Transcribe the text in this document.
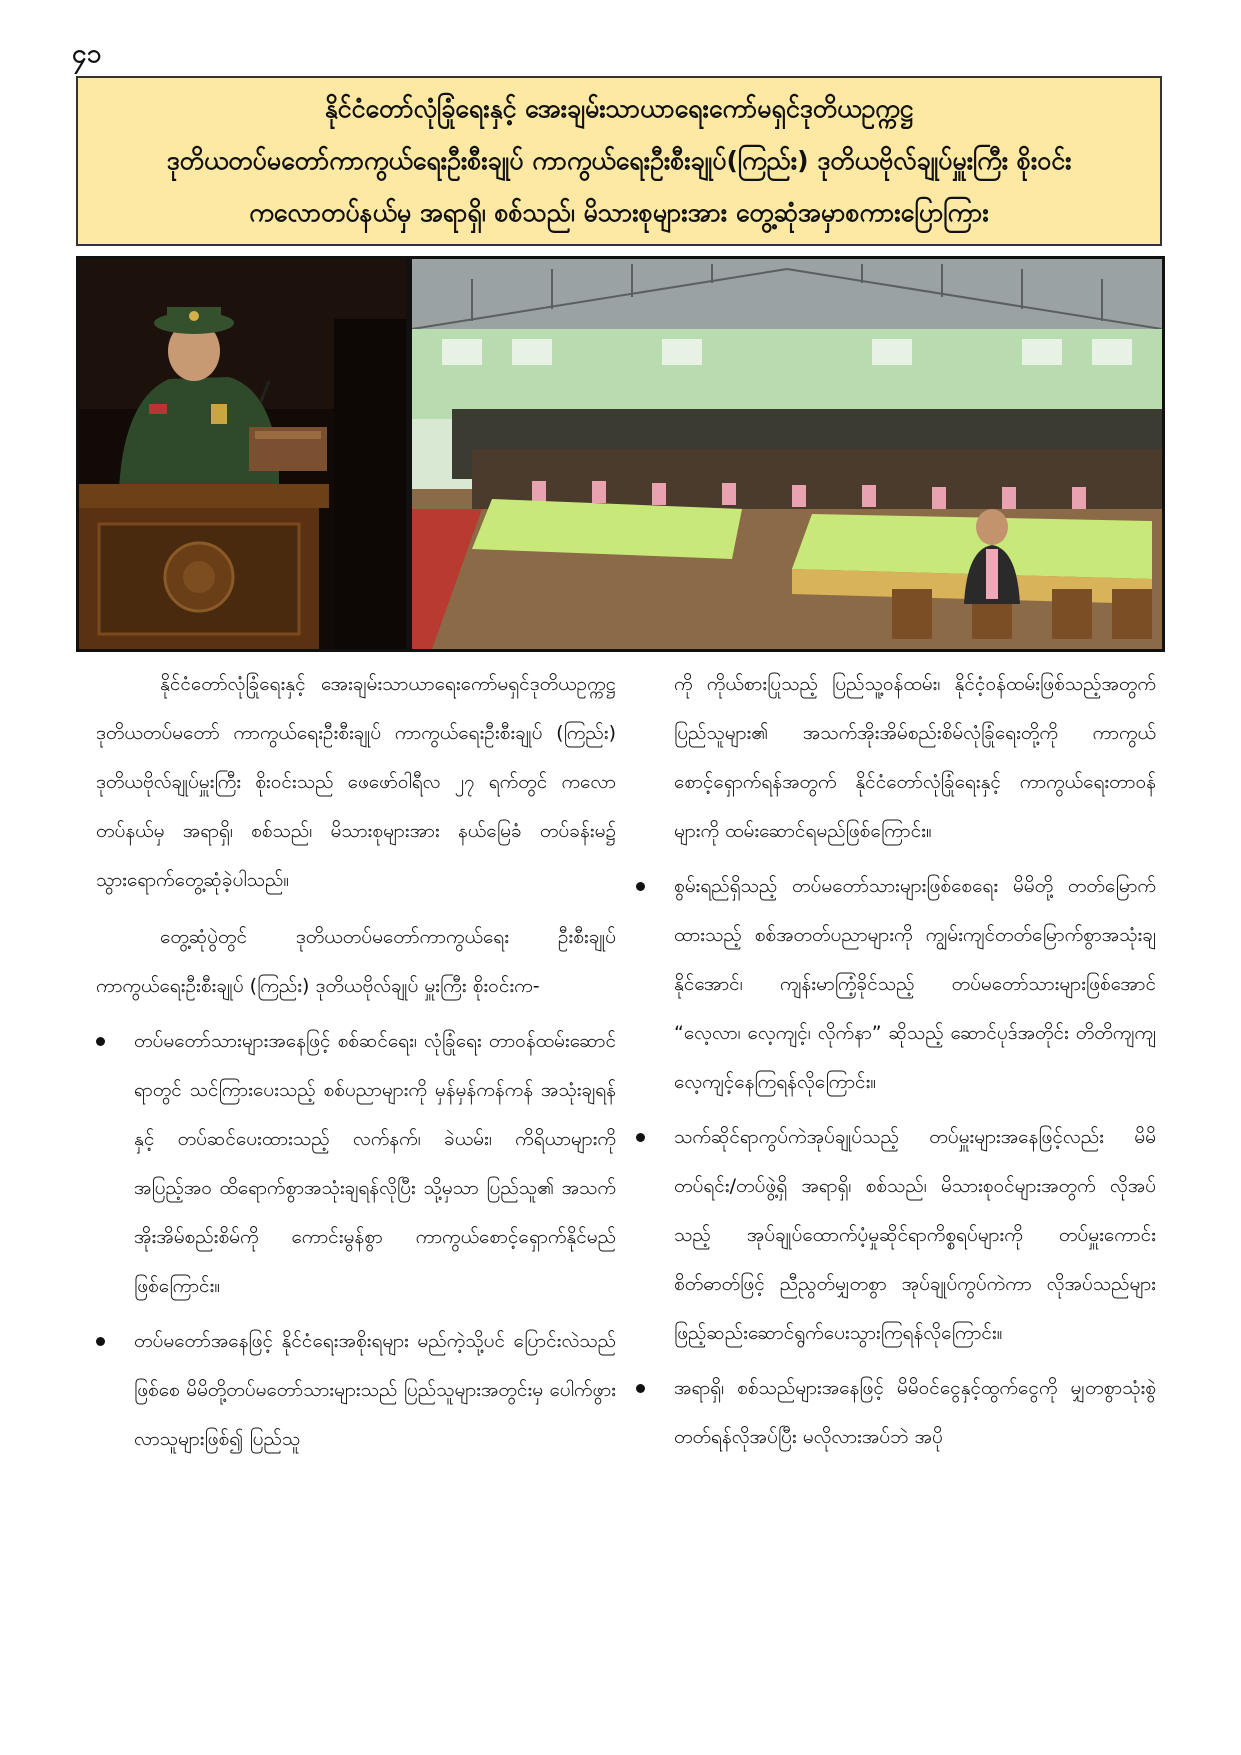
၄၁
နိုင်ငံတော်လုံခြုံရေးနှင့် အေးချမ်းသာယာရေးကော်မရှင်ဒုတိယဥက္ကဋ္ဌ
ဒုတိယတပ်မတော်ကာကွယ်ရေးဦးစီးချုပ် ကာကွယ်ရေးဦးစီးချုပ်(ကြည်း) ဒုတိယဗိုလ်ချုပ်မှူးကြီး စိုးဝင်း
ကလောတပ်နယ်မှ အရာရှိ၊ စစ်သည်၊ မိသားစုများအား တွေ့ဆုံအမှာစကားပြောကြား

နိုင်ငံတော်လုံခြုံရေးနှင့် အေးချမ်းသာယာရေးကော်မရှင်ဒုတိယဥက္ကဋ္ဌ ဒုတိယတပ်မတော် ကာကွယ်ရေးဦးစီးချုပ် ကာကွယ်ရေးဦးစီးချုပ် (ကြည်း) ဒုတိယဗိုလ်ချုပ်မှူးကြီး စိုးဝင်းသည် ဖေဖော်ဝါရီလ ၂၇ ရက်တွင် ကလောတပ်နယ်မှ အရာရှိ၊ စစ်သည်၊ မိသားစုများအား နယ်မြေခံ တပ်ခန်းမ၌ သွားရောက်တွေ့ဆုံခဲ့ပါသည်။

တွေ့ဆုံပွဲတွင် ဒုတိယတပ်မတော်ကာကွယ်ရေး ဦးစီးချုပ် ကာကွယ်ရေးဦးစီးချုပ် (ကြည်း) ဒုတိယဗိုလ်ချုပ် မှူးကြီး စိုးဝင်းက-

တပ်မတော်သားများအနေဖြင့် စစ်ဆင်ရေး၊ လုံခြုံရေး တာဝန်ထမ်းဆောင်ရာတွင် သင်ကြားပေးသည့် စစ်ပညာများကို မှန်မှန်ကန်ကန် အသုံးချရန်နှင့် တပ်ဆင်ပေးထားသည့် လက်နက်၊ ခဲယမ်း၊ ကိရိယာများကို အပြည့်အဝ ထိရောက်စွာအသုံးချရန်လိုပြီး သို့မှသာ ပြည်သူ၏ အသက်အိုးအိမ်စည်းစိမ်ကို ကောင်းမွန်စွာ ကာကွယ်စောင့်ရှောက်နိုင်မည်ဖြစ်ကြောင်း။
တပ်မတော်အနေဖြင့် နိုင်ငံရေးအစိုးရများ မည်ကဲ့သို့ပင် ပြောင်းလဲသည်ဖြစ်စေ မိမိတို့တပ်မတော်သားများသည် ပြည်သူများအတွင်းမှ ပေါက်ဖွားလာသူများဖြစ်၍ ပြည်သူ

ကို ကိုယ်စားပြုသည့် ပြည်သူ့ဝန်ထမ်း၊ နိုင်ငံ့ဝန်ထမ်းဖြစ်သည့်အတွက် ပြည်သူများ၏ အသက်အိုးအိမ်စည်းစိမ်လုံခြုံရေးတို့ကို ကာကွယ်စောင့်ရှောက်ရန်အတွက် နိုင်ငံတော်လုံခြုံရေးနှင့် ကာကွယ်ရေးတာဝန်များကို ထမ်းဆောင်ရမည်ဖြစ်ကြောင်း။

စွမ်းရည်ရှိသည့် တပ်မတော်သားများဖြစ်စေရေး မိမိတို့ တတ်မြောက်ထားသည့် စစ်အတတ်ပညာများကို ကျွမ်းကျင်တတ်မြောက်စွာအသုံးချနိုင်အောင်၊ ကျန်းမာကြံ့ခိုင်သည့် တပ်မတော်သားများဖြစ်အောင် “လေ့လာ၊ လေ့ကျင့်၊ လိုက်နာ” ဆိုသည့် ဆောင်ပုဒ်အတိုင်း တိတိကျကျ လေ့ကျင့်နေကြရန်လိုကြောင်း။
သက်ဆိုင်ရာကွပ်ကဲအုပ်ချုပ်သည့် တပ်မှူးများအနေဖြင့်လည်း မိမိတပ်ရင်း/တပ်ဖွဲ့ရှိ အရာရှိ၊ စစ်သည်၊ မိသားစုဝင်များအတွက် လိုအပ်သည့် အုပ်ချုပ်ထောက်ပံ့မှုဆိုင်ရာကိစ္စရပ်များကို တပ်မှူးကောင်းစိတ်ဓာတ်ဖြင့် ညီညွတ်မျှတစွာ အုပ်ချုပ်ကွပ်ကဲကာ လိုအပ်သည်များ ဖြည့်ဆည်းဆောင်ရွက်ပေးသွားကြရန်လိုကြောင်း။
အရာရှိ၊ စစ်သည်များအနေဖြင့် မိမိဝင်ငွေနှင့်ထွက်ငွေကို မျှတစွာသုံးစွဲတတ်ရန်လိုအပ်ပြီး မလိုလားအပ်ဘဲ အပို
